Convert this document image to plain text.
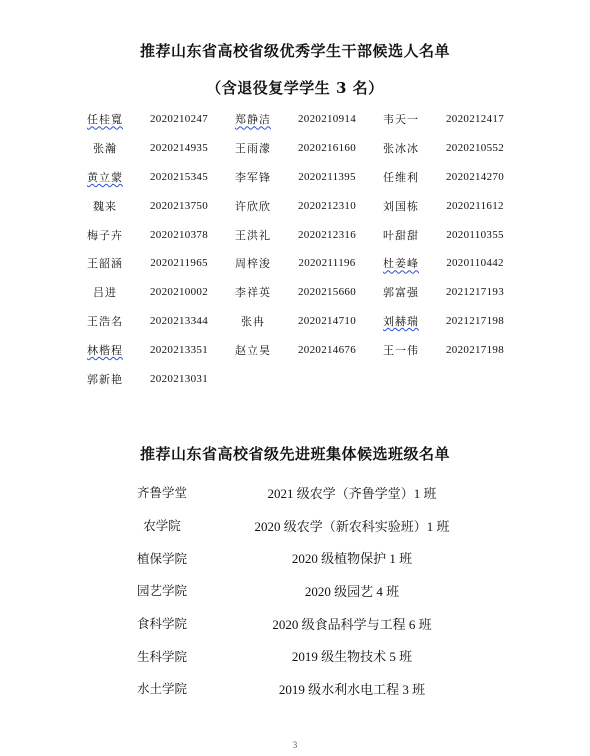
推荐山东省高校省级优秀学生干部候选人名单
（含退役复学学生 3 名）
任桂寬	2020210247	郑静洁	2020210914	韦天一	2020212417
张瀚	2020214935	王雨濛	2020216160	张冰冰	2020210552
黄立蒙	2020215345	李军锋	2020211395	任维利	2020214270
魏来	2020213750	许欣欣	2020212310	刘国栋	2020211612
梅子卉	2020210378	王洪礼	2020212316	叶甜甜	2020110355
王韶涵	2020211965	周梓浚	2020211196	杜姜峰	2020110442
吕进	2020210002	李祥英	2020215660	郭富强	2021217193
王浩名	2020213344	张冉	2020214710	刘赫瑞	2021217198
林楷程	2020213351	赵立昊	2020214676	王一伟	2020217198
郭新艳	2020213031
推荐山东省高校省级先进班集体候选班级名单
齐鲁学堂	2021 级农学（齐鲁学堂）1 班
农学院	2020 级农学（新农科实验班）1 班
植保学院	2020 级植物保护 1 班
园艺学院	2020 级园艺 4 班
食科学院	2020 级食品科学与工程 6 班
生科学院	2019 级生物技术 5 班
水土学院	2019 级水利水电工程 3 班
3
